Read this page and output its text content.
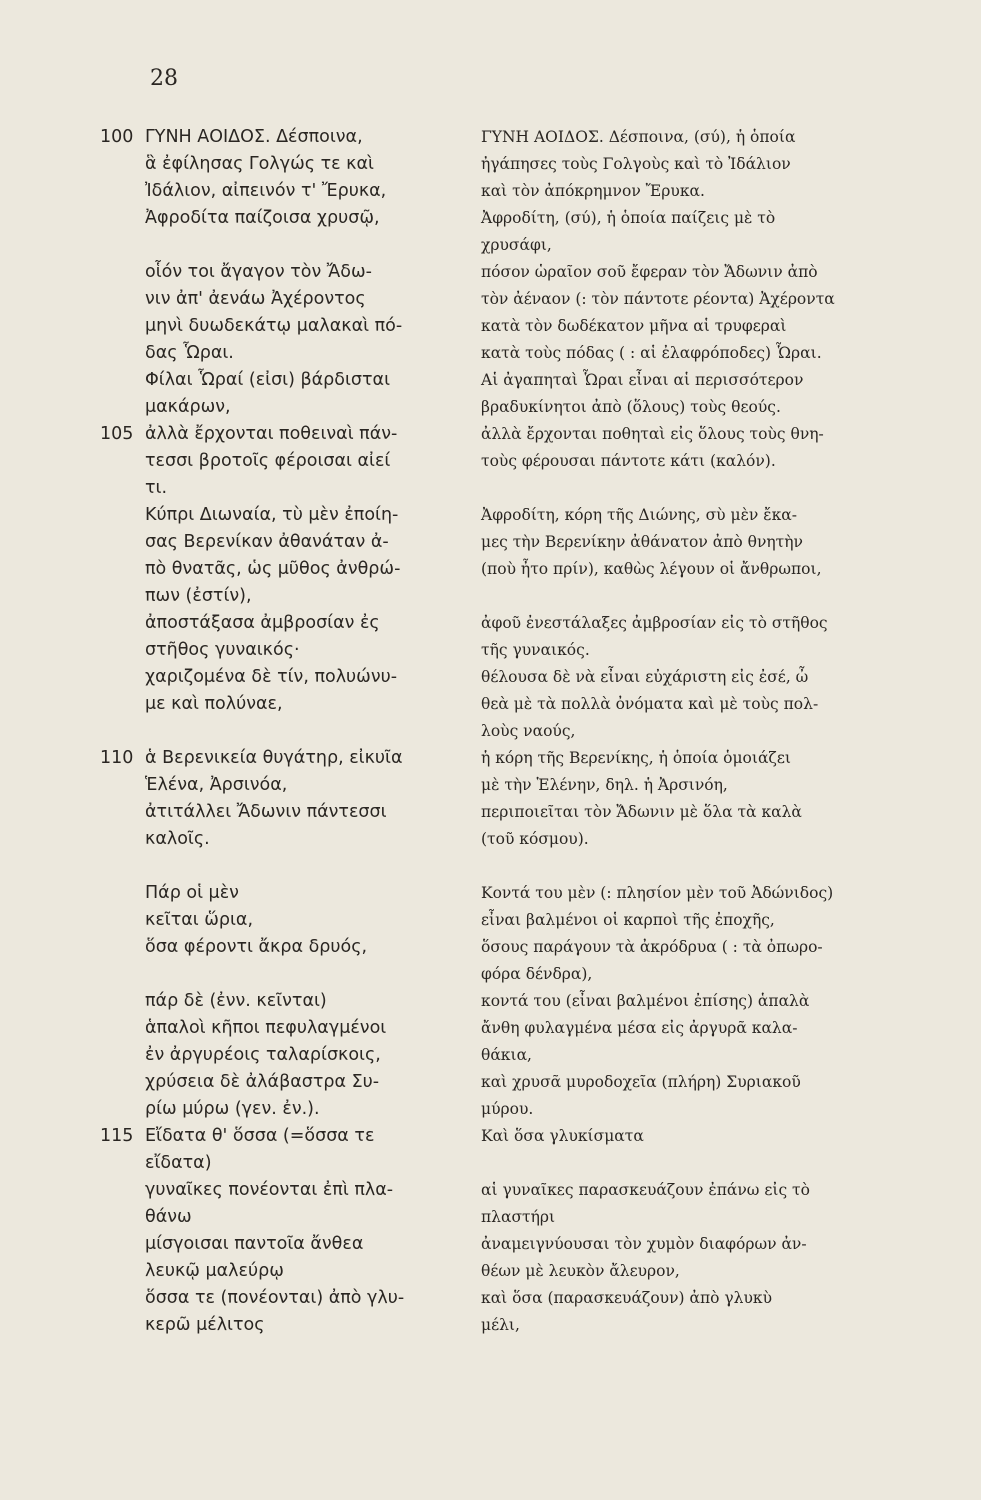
28
100 ΓΥΝΗ ΑΟΙΔΟΣ. Δέσποινα,
ἃ ἐφίλησας Γολγώς τε καὶ
Ἰδάλιον, αἰπεινόν τ' Ἔρυκα,
Ἀφροδίτα παίζοισα χρυσῷ,
οἷόν τοι ἄγαγον τὸν Ἄδω-
νιν ἀπ' ἀενάω Ἀχέροντος
μηνὶ δυωδεκάτῳ μαλακαὶ πό-
δας Ὧραι.
Φίλαι Ὧραί (εἰσι) βάρδισται
μακάρων,
105 ἀλλὰ ἔρχονται ποθειναὶ πάν-
τεσσι βροτοῖς φέροισαι αἰεί
τι.
Κύπρι Διωναία, τὺ μὲν ἐποίη-
σας Βερενίκαν ἀθανάταν ἀ-
πὸ θνατᾶς, ὡς μῦθος ἀνθρώ-
πων (ἐστίν),
ἀποστάξασα ἀμβροσίαν ἐς
στῆθος γυναικός·
χαριζομένα δὲ τίν, πολυώνυ-
με καὶ πολύναε,
110 ἁ Βερενικεία θυγάτηρ, εἰκυῖα
Ἑλένα, Ἀρσινόα,
ἀτιτάλλει Ἄδωνιν πάντεσσι
καλοῖς.
Πάρ οἱ μὲν
κεῖται ὥρια,
ὅσα φέροντι ἄκρα δρυός,
πάρ δὲ (ἐνν. κεῖνται)
ἁπαλοὶ κῆποι πεφυλαγμένοι
ἐν ἀργυρέοις ταλαρίσκοις,
χρύσεια δὲ ἀλάβαστρα Συ-
ρίω μύρω (γεν. ἐν.).
115 Εἴδατα θ' ὅσσα (=ὅσσα τε
εἴδατα)
γυναῖκες πονέονται ἐπὶ πλα-
θάνω
μίσγοισαι παντοῖα ἄνθεα
λευκῷ μαλεύρῳ
ὅσσα τε (πονέονται) ἀπὸ γλυ-
κερῶ μέλιτος
ΓΥΝΗ ΑΟΙΔΟΣ. Δέσποινα, (σύ), ἡ ὁποία
ἠγάπησες τοὺς Γολγοὺς καὶ τὸ Ἰδάλιον
καὶ τὸν ἀπόκρημνον Ἔρυκα.
Ἀφροδίτη, (σύ), ἡ ὁποία παίζεις μὲ τὸ
χρυσάφι,
πόσον ὡραῖον σοῦ ἔφεραν τὸν Ἄδωνιν ἀπὸ
τὸν ἀέναον (: τὸν πάντοτε ρέοντα) Ἀχέροντα
κατὰ τὸν δωδέκατον μῆνα αἱ τρυφεραὶ
κατὰ τοὺς πόδας ( : αἱ ἐλαφρόποδες) Ὧραι.
Αἱ ἀγαπηταὶ Ὧραι εἶναι αἱ περισσότερον
βραδυκίνητοι ἀπὸ (ὅλους) τοὺς θεούς.
ἀλλὰ ἔρχονται ποθηταὶ εἰς ὅλους τοὺς θνη-
τοὺς φέρουσαι πάντοτε κάτι (καλόν).
Ἀφροδίτη, κόρη τῆς Διώνης, σὺ μὲν ἔκα-
μες τὴν Βερενίκην ἀθάνατον ἀπὸ θνητὴν
(ποὺ ἦτο πρίν), καθὼς λέγουν οἱ ἄνθρωποι,
ἀφοῦ ἐνεστάλαξες ἀμβροσίαν εἰς τὸ στῆθος
τῆς γυναικός.
θέλουσα δὲ νὰ εἶναι εὐχάριστη εἰς ἐσέ, ὦ
θεὰ μὲ τὰ πολλὰ ὀνόματα καὶ μὲ τοὺς πολ-
λοὺς ναούς,
ἡ κόρη τῆς Βερενίκης, ἡ ὁποία ὁμοιάζει
μὲ τὴν Ἑλένην, δηλ. ἡ Ἀρσινόη,
περιποιεῖται τὸν Ἄδωνιν μὲ ὅλα τὰ καλὰ
(τοῦ κόσμου).
Κοντά του μὲν (: πλησίον μὲν τοῦ Ἀδώνιδος)
εἶναι βαλμένοι οἱ καρποὶ τῆς ἐποχῆς,
ὅσους παράγουν τὰ ἀκρόδρυα ( : τὰ ὀπωρο-
φόρα δένδρα),
κοντά του (εἶναι βαλμένοι ἐπίσης) ἁπαλὰ
ἄνθη φυλαγμένα μέσα εἰς ἀργυρᾶ καλα-
θάκια,
καὶ χρυσᾶ μυροδοχεῖα (πλήρη) Συριακοῦ
μύρου.
Καὶ ὅσα γλυκίσματα
αἱ γυναῖκες παρασκευάζουν ἐπάνω εἰς τὸ
πλαστήρι
ἀναμειγνύουσαι τὸν χυμὸν διαφόρων ἀν-
θέων μὲ λευκὸν ἄλευρον,
καὶ ὅσα (παρασκευάζουν) ἀπὸ γλυκὺ
μέλι,
